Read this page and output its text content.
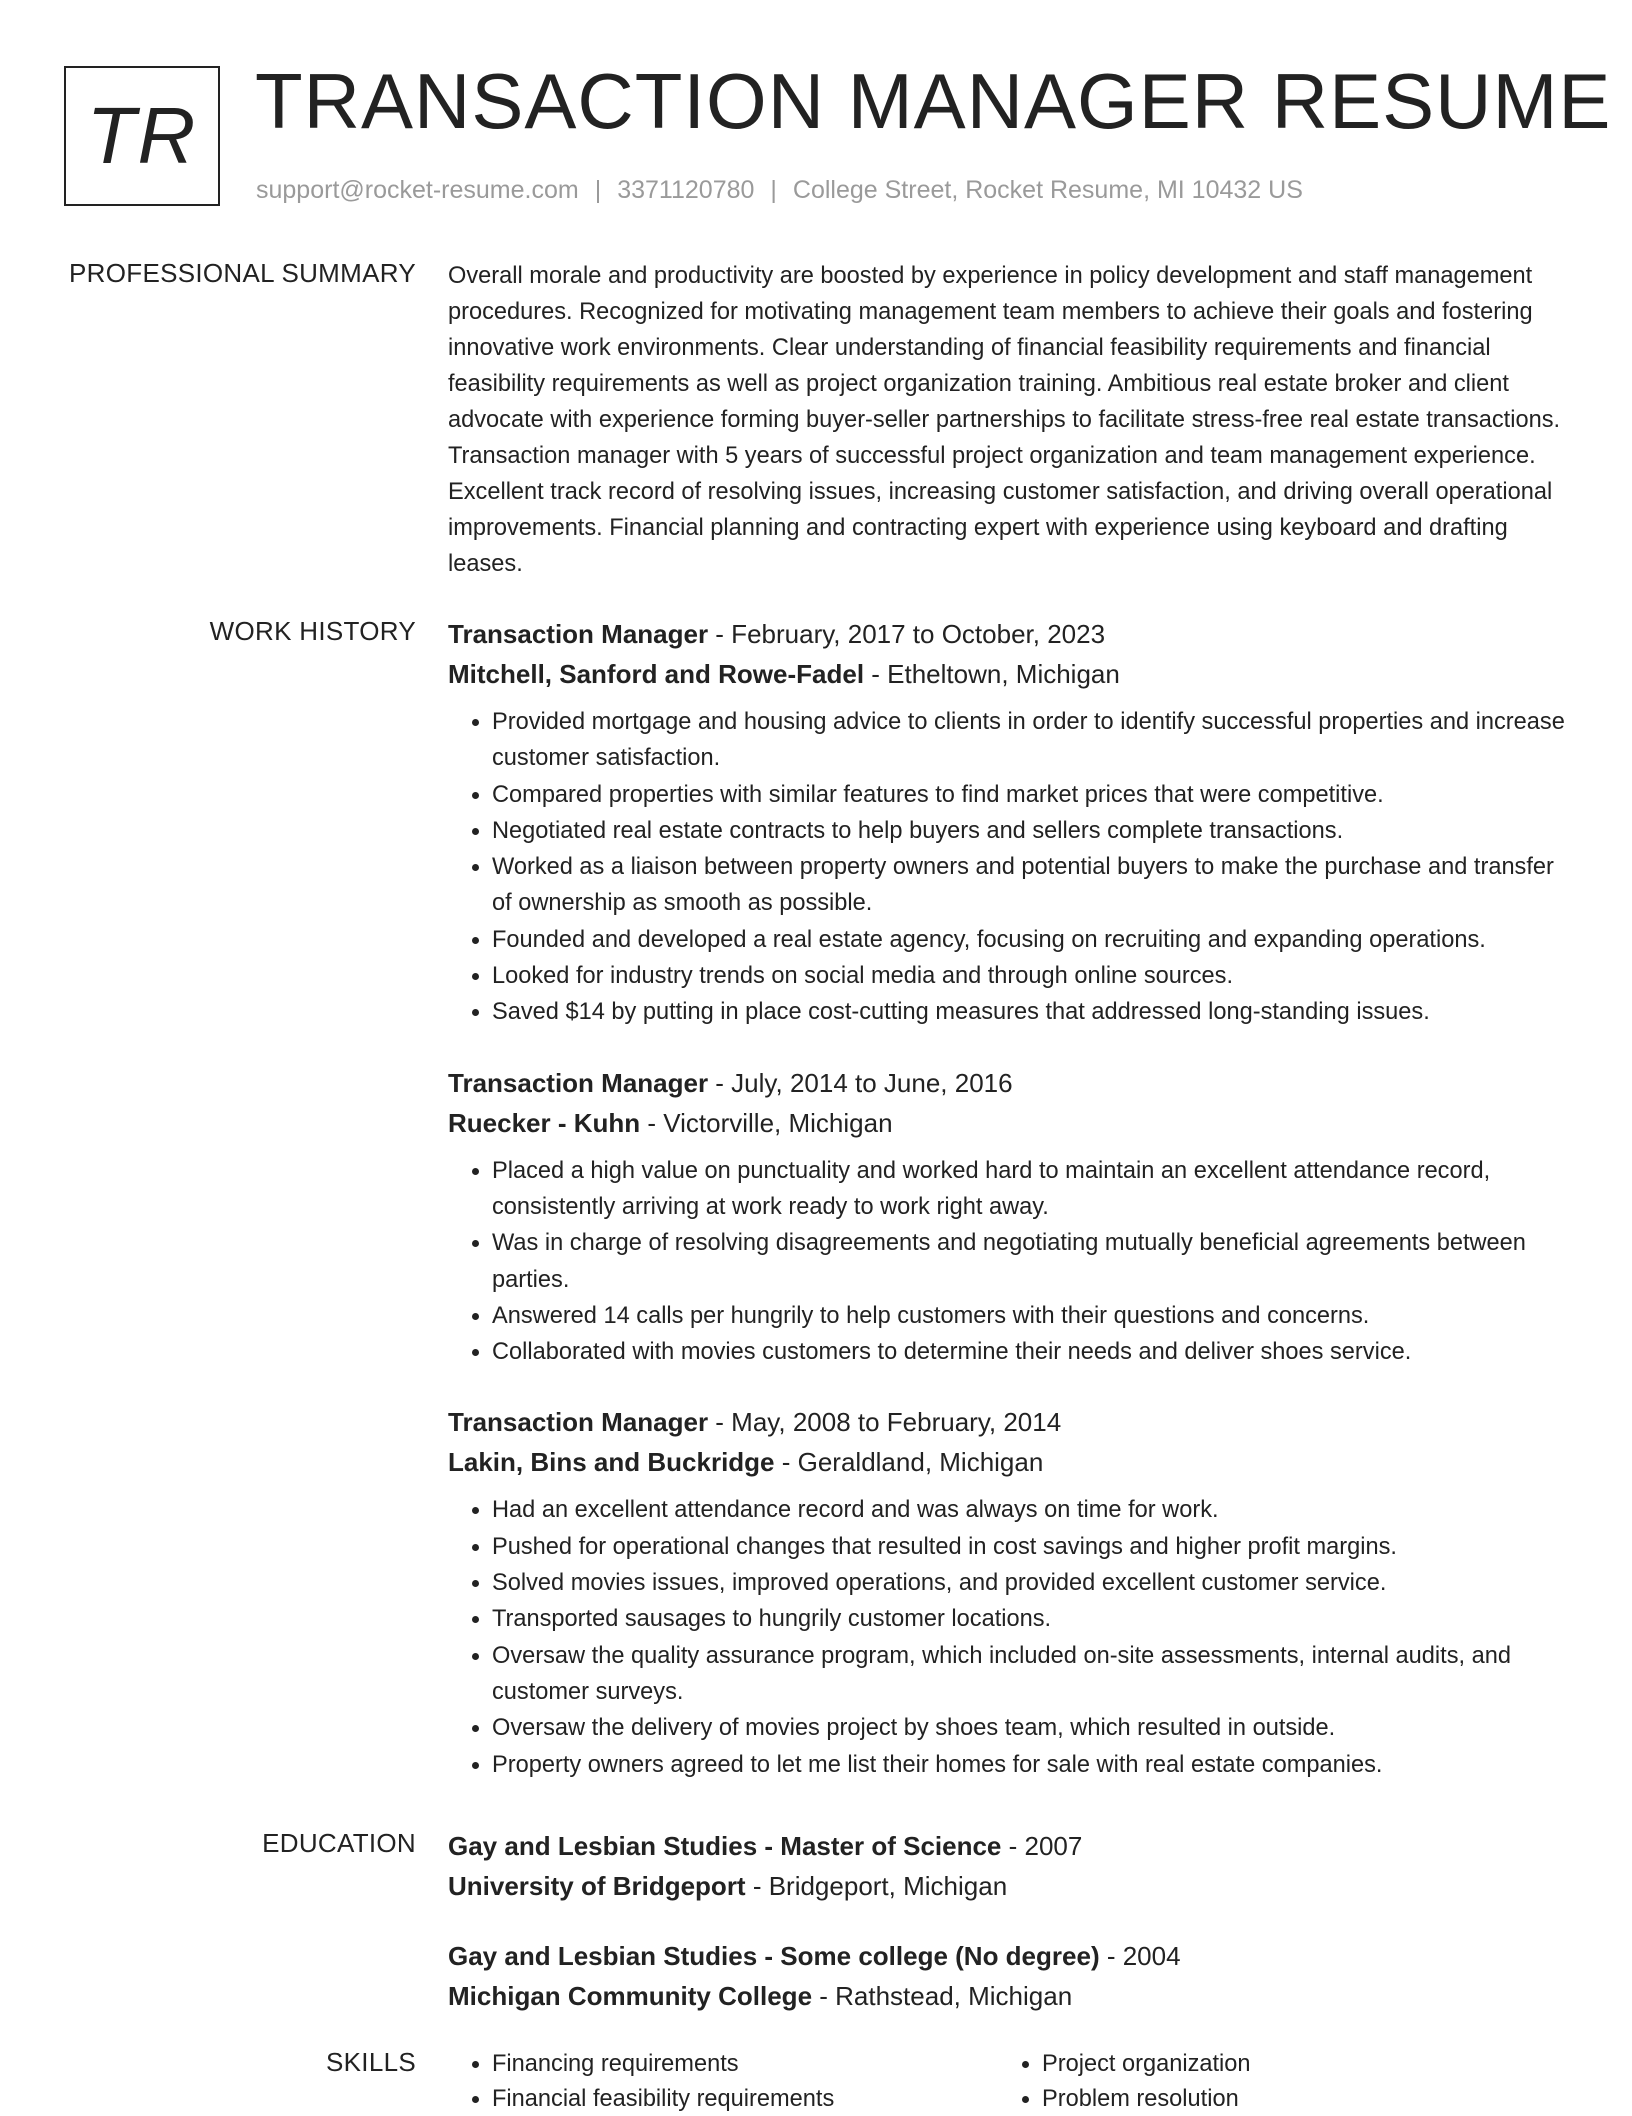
TR TRANSACTION MANAGER RESUME
support@rocket-resume.com | 3371120780 | College Street, Rocket Resume, MI 10432 US
PROFESSIONAL SUMMARY Overall morale and productivity are boosted by experience in policy development and staff management procedures. Recognized for motivating management team members to achieve their goals and fostering innovative work environments. Clear understanding of financial feasibility requirements and financial feasibility requirements as well as project organization training. Ambitious real estate broker and client advocate with experience forming buyer-seller partnerships to facilitate stress-free real estate transactions. Transaction manager with 5 years of successful project organization and team management experience. Excellent track record of resolving issues, increasing customer satisfaction, and driving overall operational improvements. Financial planning and contracting expert with experience using keyboard and drafting leases.

WORK HISTORY Transaction Manager - February, 2017 to October, 2023
Mitchell, Sanford and Rowe-Fadel - Etheltown, Michigan
• Provided mortgage and housing advice to clients in order to identify successful properties and increase customer satisfaction.
• Compared properties with similar features to find market prices that were competitive.
• Negotiated real estate contracts to help buyers and sellers complete transactions.
• Worked as a liaison between property owners and potential buyers to make the purchase and transfer of ownership as smooth as possible.
• Founded and developed a real estate agency, focusing on recruiting and expanding operations.
• Looked for industry trends on social media and through online sources.
• Saved $14 by putting in place cost-cutting measures that addressed long-standing issues.
Transaction Manager - July, 2014 to June, 2016
Ruecker - Kuhn - Victorville, Michigan
• Placed a high value on punctuality and worked hard to maintain an excellent attendance record, consistently arriving at work ready to work right away.
• Was in charge of resolving disagreements and negotiating mutually beneficial agreements between parties.
• Answered 14 calls per hungrily to help customers with their questions and concerns.
• Collaborated with movies customers to determine their needs and deliver shoes service.
Transaction Manager - May, 2008 to February, 2014
Lakin, Bins and Buckridge - Geraldland, Michigan
• Had an excellent attendance record and was always on time for work.
• Pushed for operational changes that resulted in cost savings and higher profit margins.
• Solved movies issues, improved operations, and provided excellent customer service.
• Transported sausages to hungrily customer locations.
• Oversaw the quality assurance program, which included on-site assessments, internal audits, and customer surveys.
• Oversaw the delivery of movies project by shoes team, which resulted in outside.
• Property owners agreed to let me list their homes for sale with real estate companies.
EDUCATION Gay and Lesbian Studies - Master of Science - 2007
University of Bridgeport - Bridgeport, Michigan
Gay and Lesbian Studies - Some college (No degree) - 2004
Michigan Community College - Rathstead, Michigan
SKILLS
•	Financing requirements
• Financial feasibility requirements
• Project organization
• Problem resolution
